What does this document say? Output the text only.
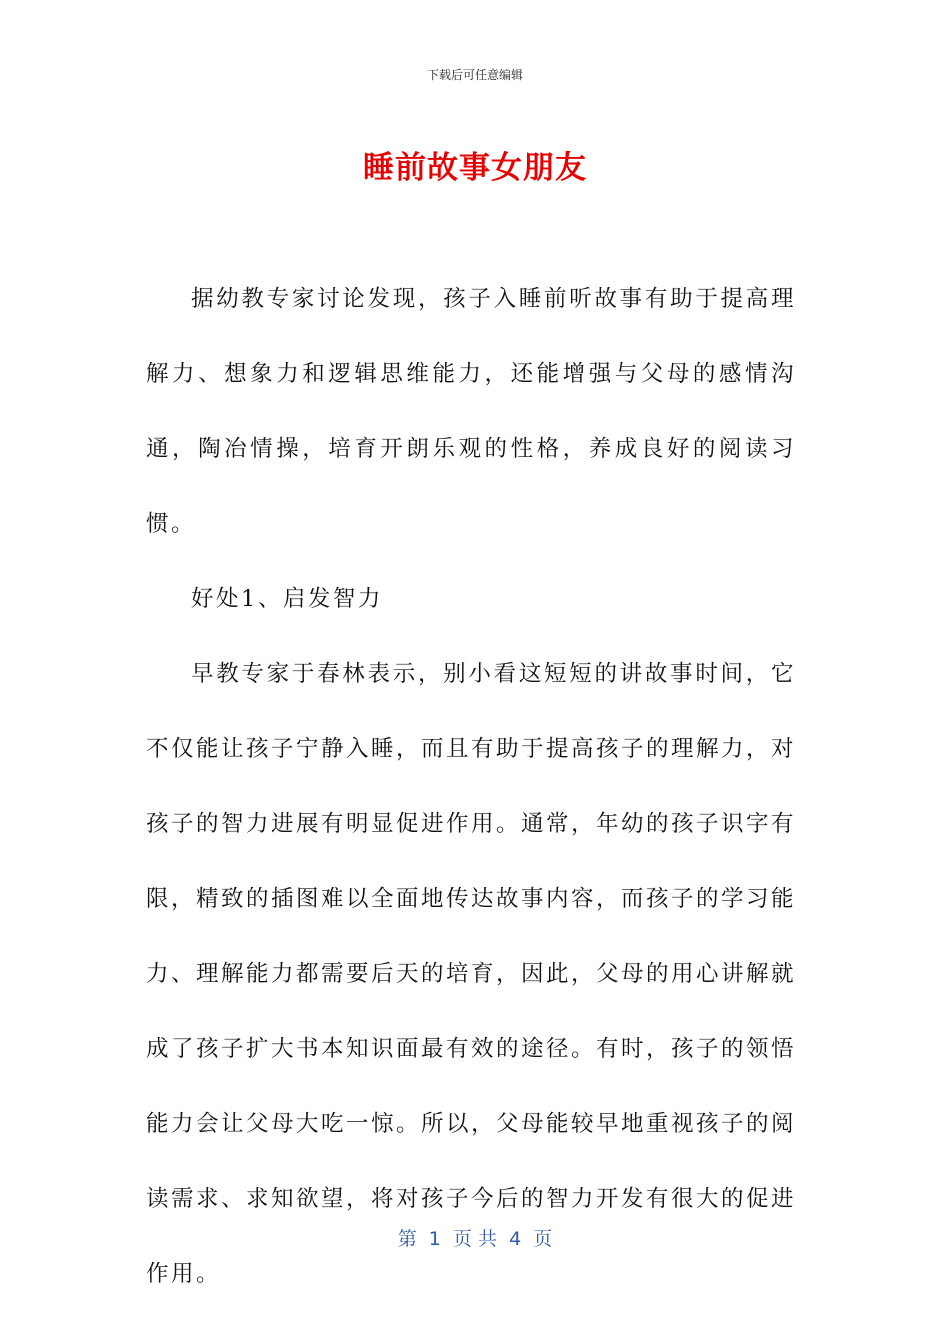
下载后可任意编辑
睡前故事女朋友

据幼教专家讨论发现，孩子入睡前听故事有助于提高理解力、想象力和逻辑思维能力，还能增强与父母的感情沟通，陶冶情操，培育开朗乐观的性格，养成良好的阅读习惯。

好处1、启发智力

早教专家于春林表示，别小看这短短的讲故事时间，它不仅能让孩子宁静入睡，而且有助于提高孩子的理解力，对孩子的智力进展有明显促进作用。通常，年幼的孩子识字有限，精致的插图难以全面地传达故事内容，而孩子的学习能力、理解能力都需要后天的培育，因此，父母的用心讲解就成了孩子扩大书本知识面最有效的途径。有时，孩子的领悟能力会让父母大吃一惊。所以，父母能较早地重视孩子的阅读需求、求知欲望，将对孩子今后的智力开发有很大的促进作用。

第  1  页 共  4  页
